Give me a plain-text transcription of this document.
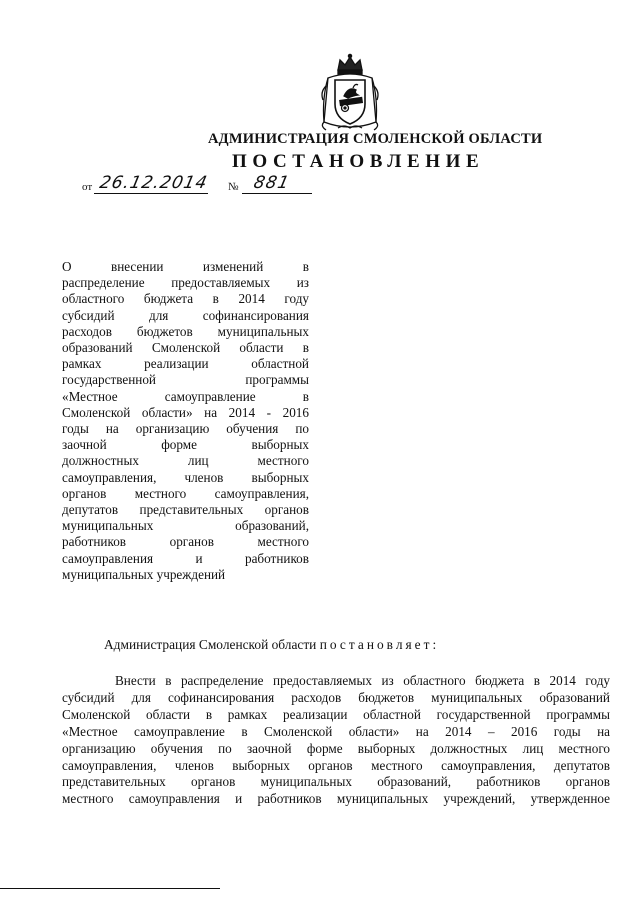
АДМИНИСТРАЦИЯ СМОЛЕНСКОЙ ОБЛАСТИ
ПОСТАНОВЛЕНИЕ
от 26.12.2014 № 881
О	внесении	изменений	в
распределение предоставляемых из
областного бюджета в 2014 году
субсидий	для	софинансирования
расходов бюджетов муниципальных
образований Смоленской области в
рамках	реализации	областной
государственной	программы
«Местное	самоуправление	в
Смоленской области» на 2014 - 2016
годы на организацию обучения по
заочной	форме	выборных
должностных	лиц	местного
самоуправления, членов выборных
органов местного самоуправления,
депутатов представительных органов
муниципальных	образований,
работников	органов	местного
самоуправления	и	работников
муниципальных учреждений
Администрация Смоленской области постановляет:
Внести в распределение предоставляемых из областного бюджета в 2014 году
субсидий для софинансирования расходов бюджетов муниципальных образований
Смоленской области в рамках реализации областной государственной программы
«Местное самоуправление в Смоленской области» на 2014 – 2016 годы на
организацию обучения по заочной форме выборных должностных лиц местного
самоуправления, членов выборных органов местного самоуправления, депутатов
представительных органов муниципальных образований, работников органов
местного самоуправления и работников муниципальных учреждений, утвержденное
